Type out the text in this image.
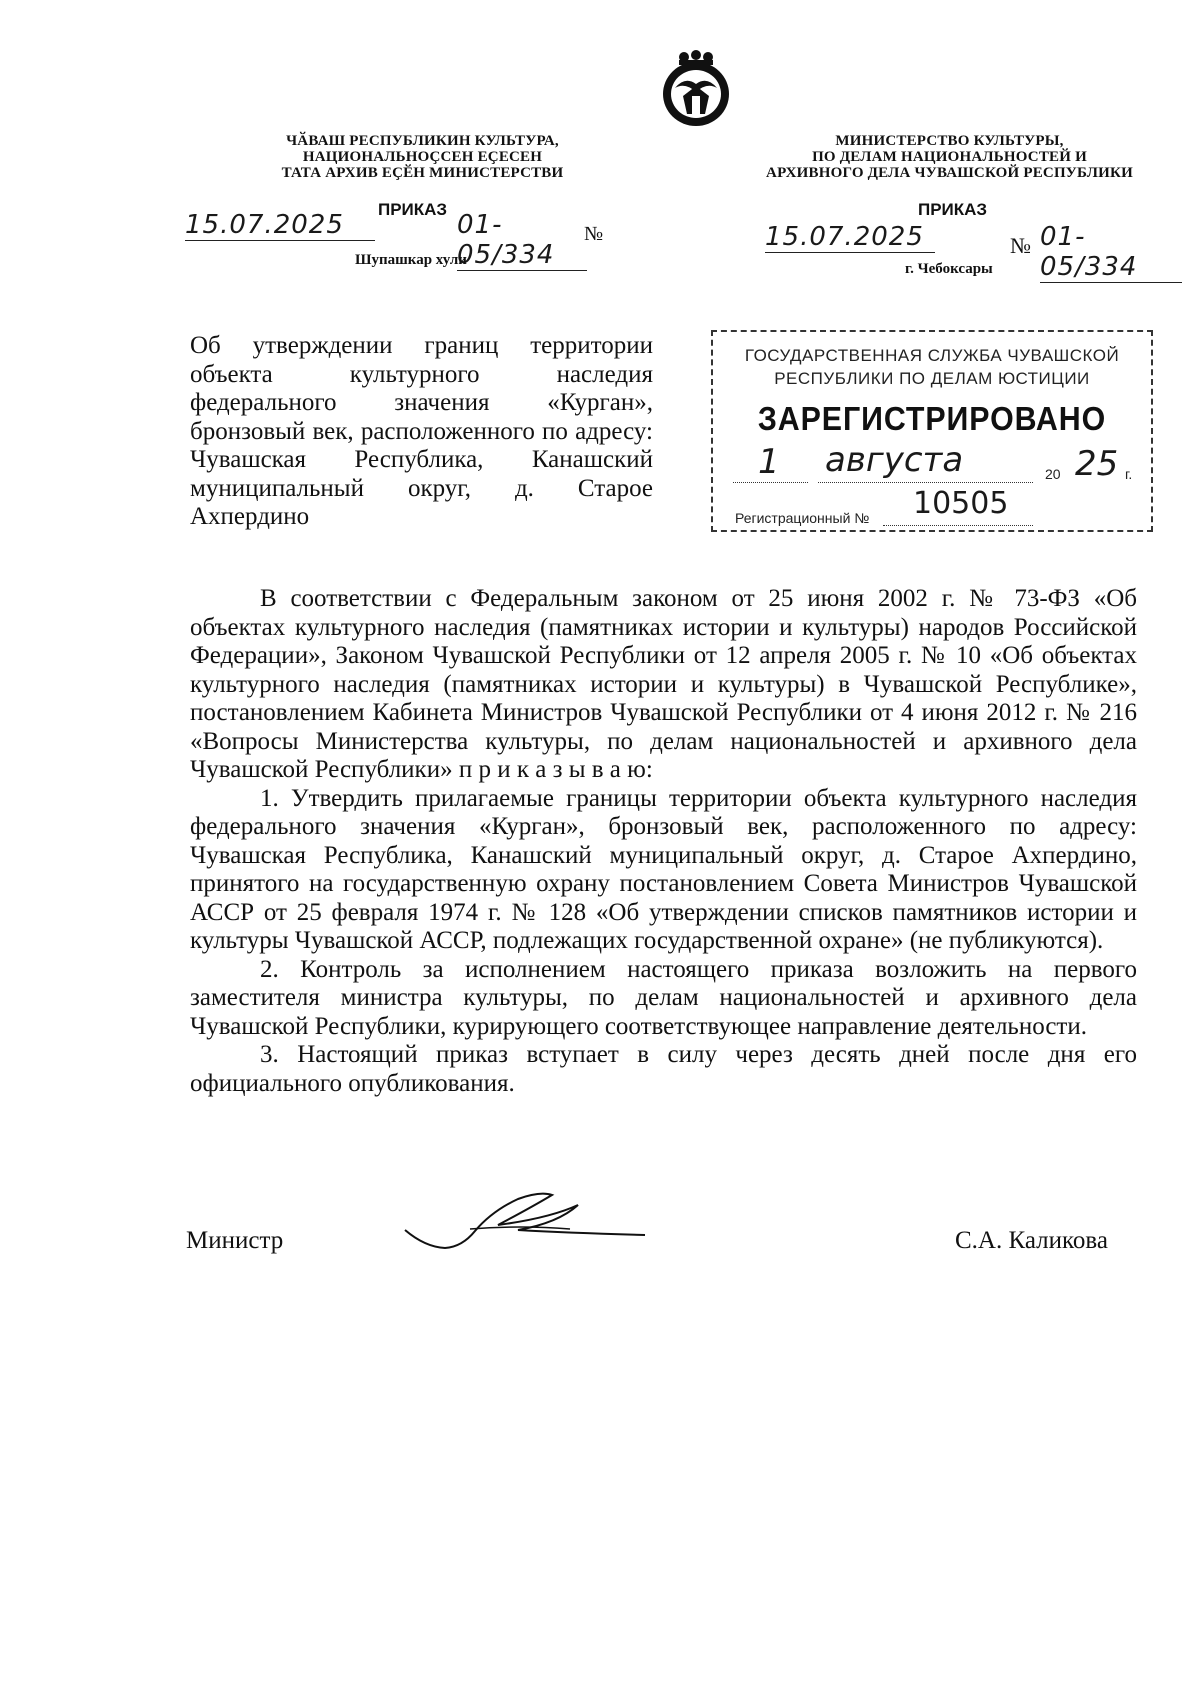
ЧӐВАШ РЕСПУБЛИКИН КУЛЬТУРА,
НАЦИОНАЛЬНОҪСЕН ЕҪЕСЕН
ТАТА АРХИВ ЕҪӖН МИНИСТЕРСТВИ
МИНИСТЕРСТВО КУЛЬТУРЫ,
ПО ДЕЛАМ НАЦИОНАЛЬНОСТЕЙ И
АРХИВНОГО ДЕЛА ЧУВАШСКОЙ РЕСПУБЛИКИ
ПРИКАЗ
15.07.2025	01-05/334
№
Шупашкар хули
ПРИКАЗ
15.07.2025	№ 01-05/334
г. Чебоксары
Об утверждении границ территории объекта культурного наследия федерального значения «Курган», бронзовый век, расположенного по адресу: Чувашская Республика, Канашский муниципальный округ, д. Старое Ахпердино
ГОСУДАРСТВЕННАЯ СЛУЖБА ЧУВАШСКОЙ
РЕСПУБЛИКИ ПО ДЕЛАМ ЮСТИЦИИ
ЗАРЕГИСТРИРОВАНО
1 августа	20 25 г.
Регистрационный № 10505

В соответствии с Федеральным законом от 25 июня 2002 г. № 73-ФЗ «Об объектах культурного наследия (памятниках истории и культуры) народов Российской Федерации», Законом Чувашской Республики от 12 апреля 2005 г. № 10 «Об объектах культурного наследия (памятниках истории и культуры) в Чувашской Республике», постановлением Кабинета Министров Чувашской Республики от 4 июня 2012 г. № 216 «Вопросы Министерства культуры, по делам национальностей и архивного дела Чувашской Республики» п р и к а з ы в а ю:

1. Утвердить прилагаемые границы территории объекта культурного наследия федерального значения «Курган», бронзовый век, расположенного по адресу: Чувашская Республика, Канашский муниципальный округ, д. Старое Ахпердино, принятого на государственную охрану постановлением Совета Министров Чувашской АССР от 25 февраля 1974 г. № 128 «Об утверждении списков памятников истории и культуры Чувашской АССР, подлежащих государственной охране» (не публикуются).

2. Контроль за исполнением настоящего приказа возложить на первого заместителя министра культуры, по делам национальностей и архивного дела Чувашской Республики, курирующего соответствующее направление деятельности.

3. Настоящий приказ вступает в силу через десять дней после дня его официального опубликования.

Министр	С.А. Каликова
